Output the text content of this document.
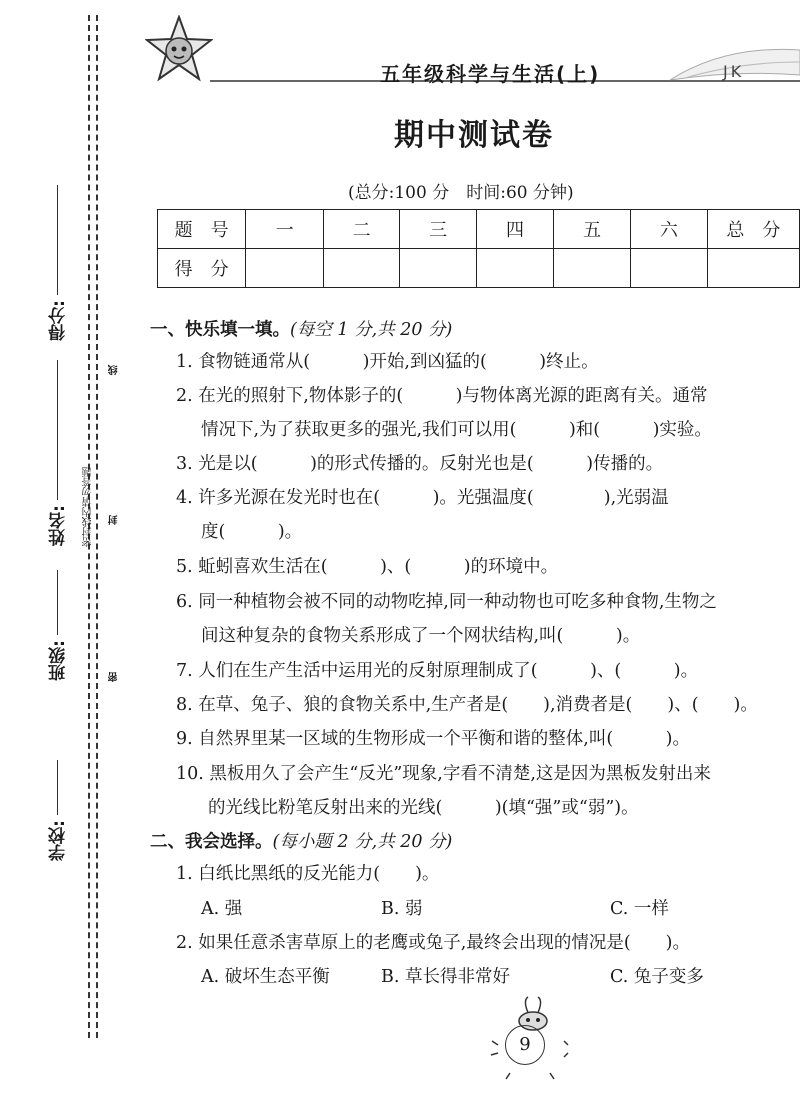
得分:
姓名:
班级:
学校:
线
密封线内请勿答题 封
密
五年级科学与生活(上)	JK
期中测试卷
(总分:100 分　时间:60 分钟)
题　号	一	二	三	四	五	六	总　分
得　分							
一、快乐填一填。(每空 1 分,共 20 分)
1. 食物链通常从(　　　)开始,到凶猛的(　　　)终止。
2. 在光的照射下,物体影子的(　　　)与物体离光源的距离有关。通常
情况下,为了获取更多的强光,我们可以用(　　　)和(　　　)实验。
3. 光是以(　　　)的形式传播的。反射光也是(　　　)传播的。
4. 许多光源在发光时也在(　　　)。光强温度(　　　　),光弱温
度(　　　)。
5. 蚯蚓喜欢生活在(　　　)、(　　　)的环境中。
6. 同一种植物会被不同的动物吃掉,同一种动物也可吃多种食物,生物之
间这种复杂的食物关系形成了一个网状结构,叫(　　　)。
7. 人们在生产生活中运用光的反射原理制成了(　　　)、(　　　)。
8. 在草、兔子、狼的食物关系中,生产者是(　　),消费者是(　　)、(　　)。
9. 自然界里某一区域的生物形成一个平衡和谐的整体,叫(　　　)。
10. 黑板用久了会产生“反光”现象,字看不清楚,这是因为黑板发射出来
的光线比粉笔反射出来的光线(　　　)(填“强”或“弱”)。
二、我会选择。(每小题 2 分,共 20 分)
1. 白纸比黑纸的反光能力(　　)。
A. 强	B. 弱	C. 一样
2. 如果任意杀害草原上的老鹰或兔子,最终会出现的情况是(　　)。
A. 破坏生态平衡	B. 草长得非常好	C. 兔子变多
9
